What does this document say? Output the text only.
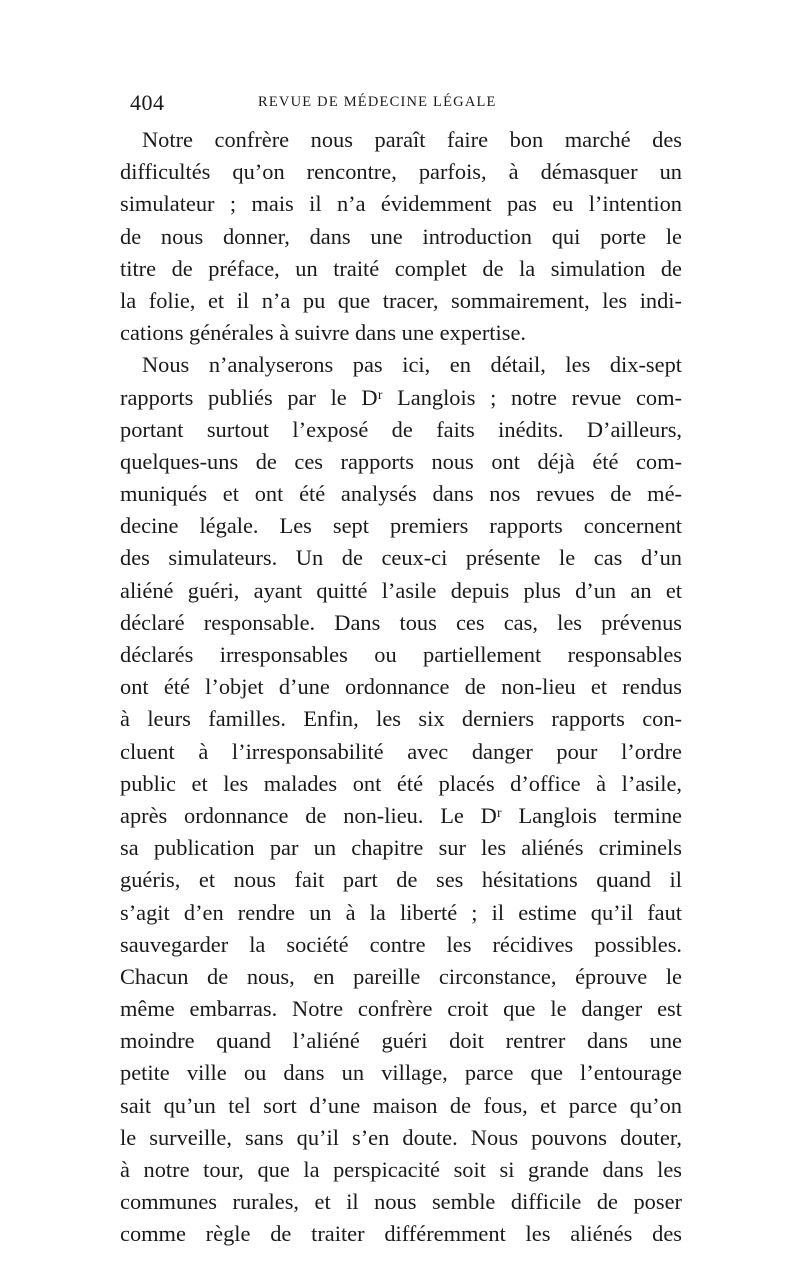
404	REVUE DE MÉDECINE LÉGALE
Notre confrère nous paraît faire bon marché des
difficultés qu’on rencontre, parfois, à démasquer un
simulateur ; mais il n’a évidemment pas eu l’intention
de nous donner, dans une introduction qui porte le
titre de préface, un traité complet de la simulation de
la folie, et il n’a pu que tracer, sommairement, les indi-
cations générales à suivre dans une expertise.
Nous n’analyserons pas ici, en détail, les dix-sept
rapports publiés par le Dʳ Langlois ; notre revue com-
portant surtout l’exposé de faits inédits. D’ailleurs,
quelques-uns de ces rapports nous ont déjà été com-
muniqués et ont été analysés dans nos revues de mé-
decine légale. Les sept premiers rapports concernent
des simulateurs. Un de ceux-ci présente le cas d’un
aliéné guéri, ayant quitté l’asile depuis plus d’un an et
déclaré responsable. Dans tous ces cas, les prévenus
déclarés irresponsables ou partiellement responsables
ont été l’objet d’une ordonnance de non-lieu et rendus
à leurs familles. Enfin, les six derniers rapports con-
cluent à l’irresponsabilité avec danger pour l’ordre
public et les malades ont été placés d’office à l’asile,
après ordonnance de non-lieu. Le Dʳ Langlois termine
sa publication par un chapitre sur les aliénés criminels
guéris, et nous fait part de ses hésitations quand il
s’agit d’en rendre un à la liberté ; il estime qu’il faut
sauvegarder la société contre les récidives possibles.
Chacun de nous, en pareille circonstance, éprouve le
même embarras. Notre confrère croit que le danger est
moindre quand l’aliéné guéri doit rentrer dans une
petite ville ou dans un village, parce que l’entourage
sait qu’un tel sort d’une maison de fous, et parce qu’on
le surveille, sans qu’il s’en doute. Nous pouvons douter,
à notre tour, que la perspicacité soit si grande dans les
communes rurales, et il nous semble difficile de poser
comme règle de traiter différemment les aliénés des
